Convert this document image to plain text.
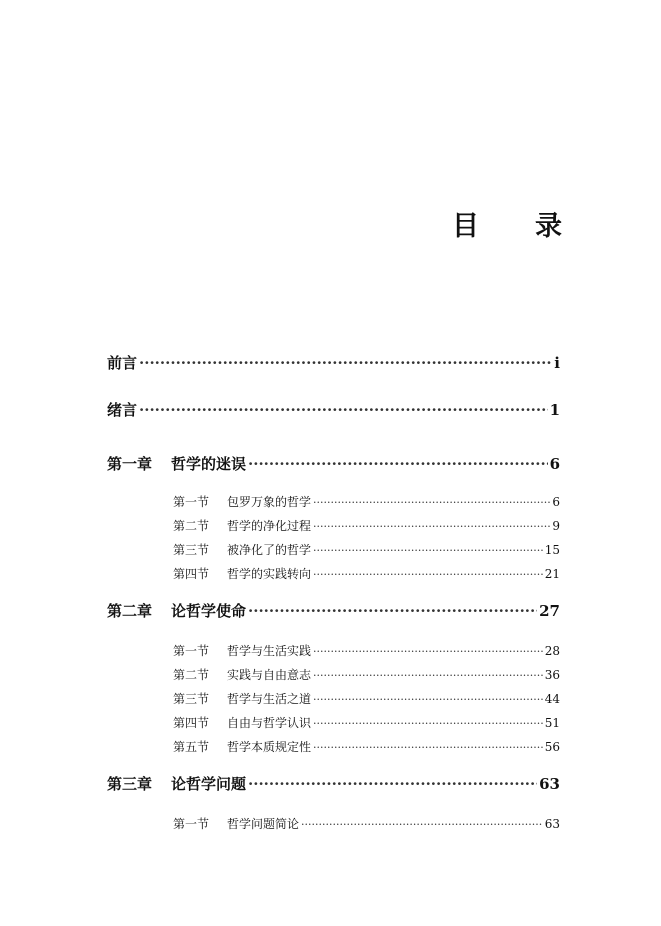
目 录
前言 ·····	i
绪言 ·····	1
第一章	哲学的迷误 ·····	6
第一节	包罗万象的哲学 ·····	6
第二节	哲学的净化过程 ·····	9
第三节	被净化了的哲学 ·····	15
第四节	哲学的实践转向 ·····	21
第二章	论哲学使命 ·····	27
第一节	哲学与生活实践 ·····	28
第二节	实践与自由意志 ·····	36
第三节	哲学与生活之道 ·····	44
第四节	自由与哲学认识 ·····	51
第五节	哲学本质规定性 ·····	56
第三章	论哲学问题 ·····	63
第一节	哲学问题简论 ·····	63
